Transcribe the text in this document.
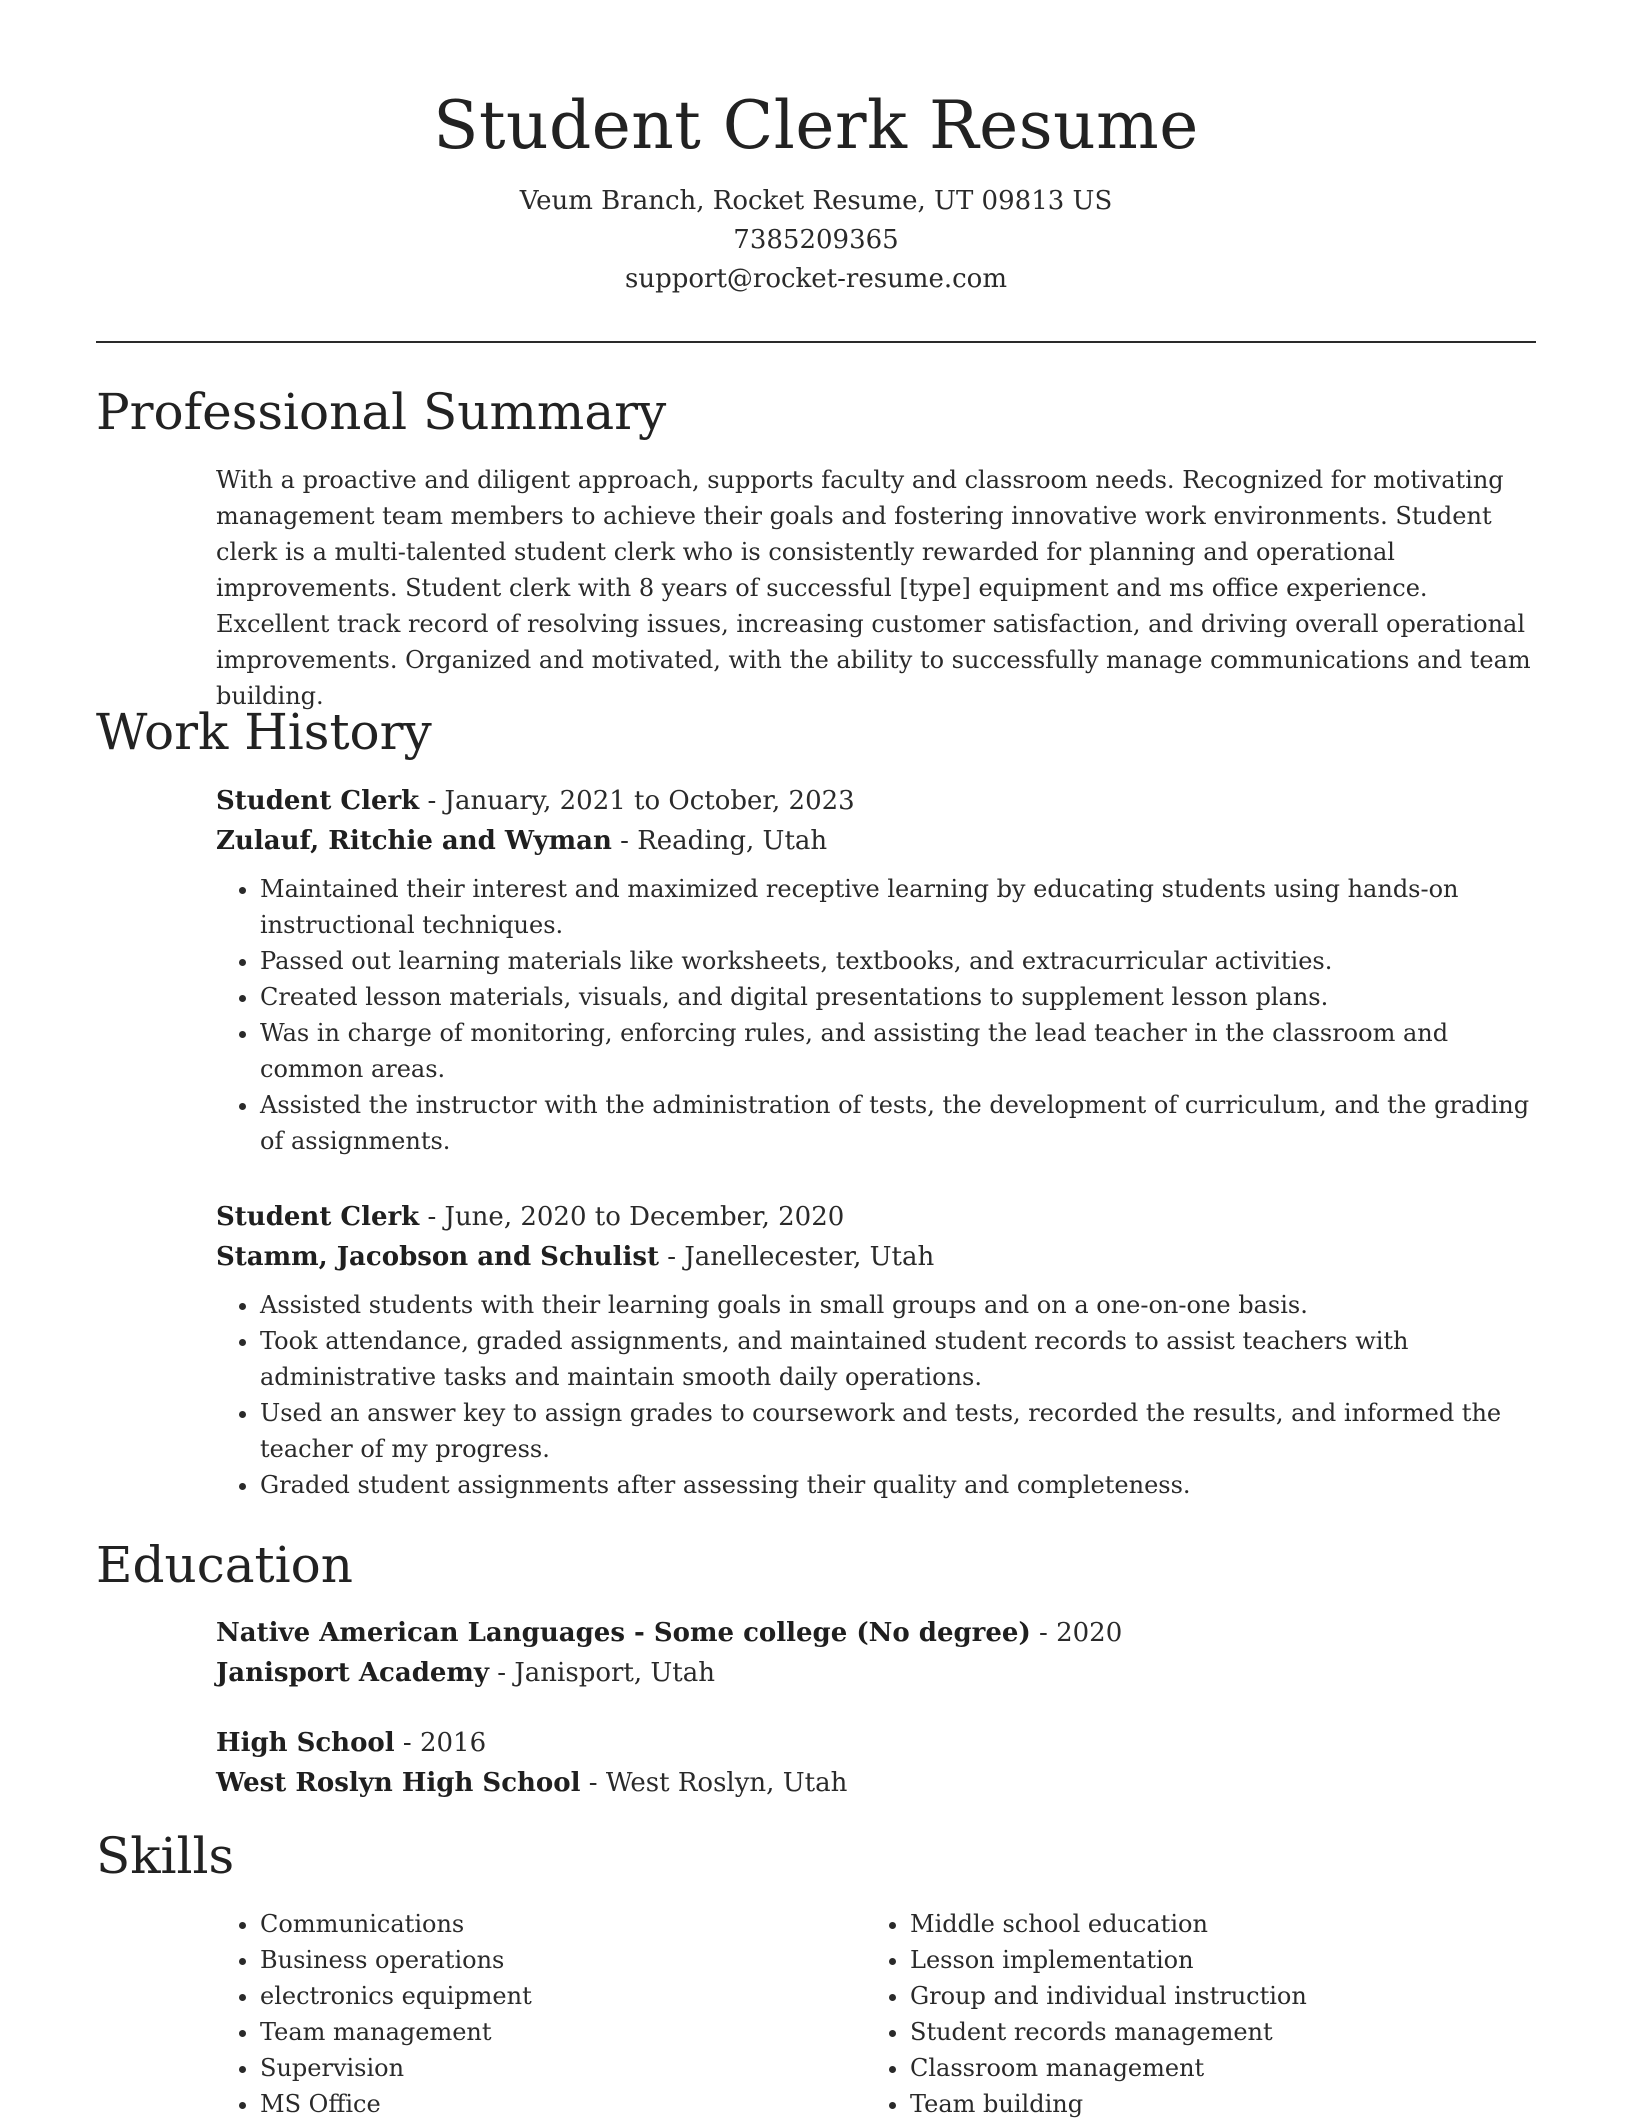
Student Clerk Resume
Veum Branch, Rocket Resume, UT 09813 US
7385209365
support@rocket-resume.com
Professional Summary
With a proactive and diligent approach, supports faculty and classroom needs. Recognized for motivating management team members to achieve their goals and fostering innovative work environments. Student clerk is a multi-talented student clerk who is consistently rewarded for planning and operational improvements. Student clerk with 8 years of successful [type] equipment and ms office experience. Excellent track record of resolving issues, increasing customer satisfaction, and driving overall operational improvements. Organized and motivated, with the ability to successfully manage communications and team building.
Work History
Student Clerk - January, 2021 to October, 2023
Zulauf, Ritchie and Wyman - Reading, Utah
• Maintained their interest and maximized receptive learning by educating students using hands-on instructional techniques.
• Passed out learning materials like worksheets, textbooks, and extracurricular activities.
• Created lesson materials, visuals, and digital presentations to supplement lesson plans.
• Was in charge of monitoring, enforcing rules, and assisting the lead teacher in the classroom and common areas.
• Assisted the instructor with the administration of tests, the development of curriculum, and the grading of assignments.
Student Clerk - June, 2020 to December, 2020
Stamm, Jacobson and Schulist - Janellecester, Utah
• Assisted students with their learning goals in small groups and on a one-on-one basis.
• Took attendance, graded assignments, and maintained student records to assist teachers with administrative tasks and maintain smooth daily operations.
• Used an answer key to assign grades to coursework and tests, recorded the results, and informed the teacher of my progress.
• Graded student assignments after assessing their quality and completeness.
Education
Native American Languages - Some college (No degree) - 2020
Janisport Academy - Janisport, Utah
High School - 2016
West Roslyn High School - West Roslyn, Utah
Skills
• Communications
• Business operations
• electronics equipment
• Team management
• Supervision
• MS Office
• Middle school education
• Lesson implementation
• Group and individual instruction
• Student records management
• Classroom management
• Team building
